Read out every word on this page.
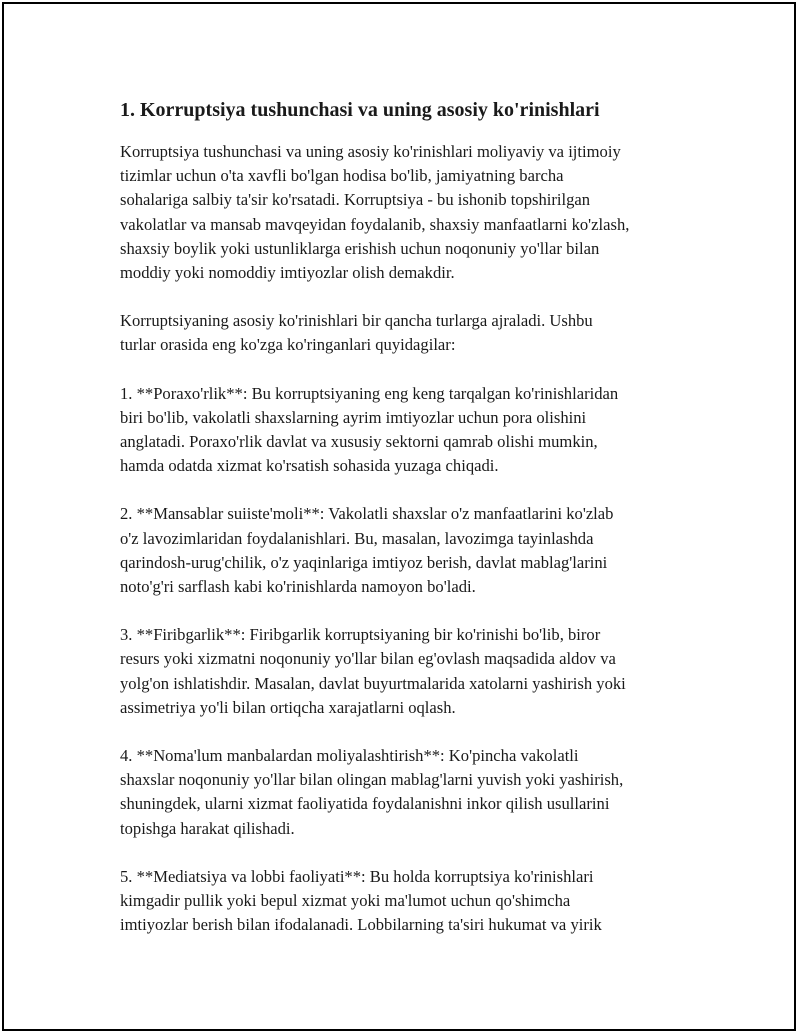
1. Korruptsiya tushunchasi va uning asosiy ko'rinishlari

Korruptsiya tushunchasi va uning asosiy ko'rinishlari moliyaviy va ijtimoiy
tizimlar uchun o'ta xavfli bo'lgan hodisa bo'lib, jamiyatning barcha
sohalariga salbiy ta'sir ko'rsatadi. Korruptsiya - bu ishonib topshirilgan
vakolatlar va mansab mavqeyidan foydalanib, shaxsiy manfaatlarni ko'zlash,
shaxsiy boylik yoki ustunliklarga erishish uchun noqonuniy yo'llar bilan
moddiy yoki nomoddiy imtiyozlar olish demakdir.

Korruptsiyaning asosiy ko'rinishlari bir qancha turlarga ajraladi. Ushbu
turlar orasida eng ko'zga ko'ringanlari quyidagilar:

1. **Poraxo'rlik**: Bu korruptsiyaning eng keng tarqalgan ko'rinishlaridan
biri bo'lib, vakolatli shaxslarning ayrim imtiyozlar uchun pora olishini
anglatadi. Poraxo'rlik davlat va xususiy sektorni qamrab olishi mumkin,
hamda odatda xizmat ko'rsatish sohasida yuzaga chiqadi.

2. **Mansablar suiiste'moli**: Vakolatli shaxslar o'z manfaatlarini ko'zlab
o'z lavozimlaridan foydalanishlari. Bu, masalan, lavozimga tayinlashda
qarindosh-urug'chilik, o'z yaqinlariga imtiyoz berish, davlat mablag'larini
noto'g'ri sarflash kabi ko'rinishlarda namoyon bo'ladi.

3. **Firibgarlik**: Firibgarlik korruptsiyaning bir ko'rinishi bo'lib, biror
resurs yoki xizmatni noqonuniy yo'llar bilan eg'ovlash maqsadida aldov va
yolg'on ishlatishdir. Masalan, davlat buyurtmalarida xatolarni yashirish yoki
assimetriya yo'li bilan ortiqcha xarajatlarni oqlash.

4. **Noma'lum manbalardan moliyalashtirish**: Ko'pincha vakolatli
shaxslar noqonuniy yo'llar bilan olingan mablag'larni yuvish yoki yashirish,
shuningdek, ularni xizmat faoliyatida foydalanishni inkor qilish usullarini
topishga harakat qilishadi.

5. **Mediatsiya va lobbi faoliyati**: Bu holda korruptsiya ko'rinishlari
kimgadir pullik yoki bepul xizmat yoki ma'lumot uchun qo'shimcha
imtiyozlar berish bilan ifodalanadi. Lobbilarning ta'siri hukumat va yirik
